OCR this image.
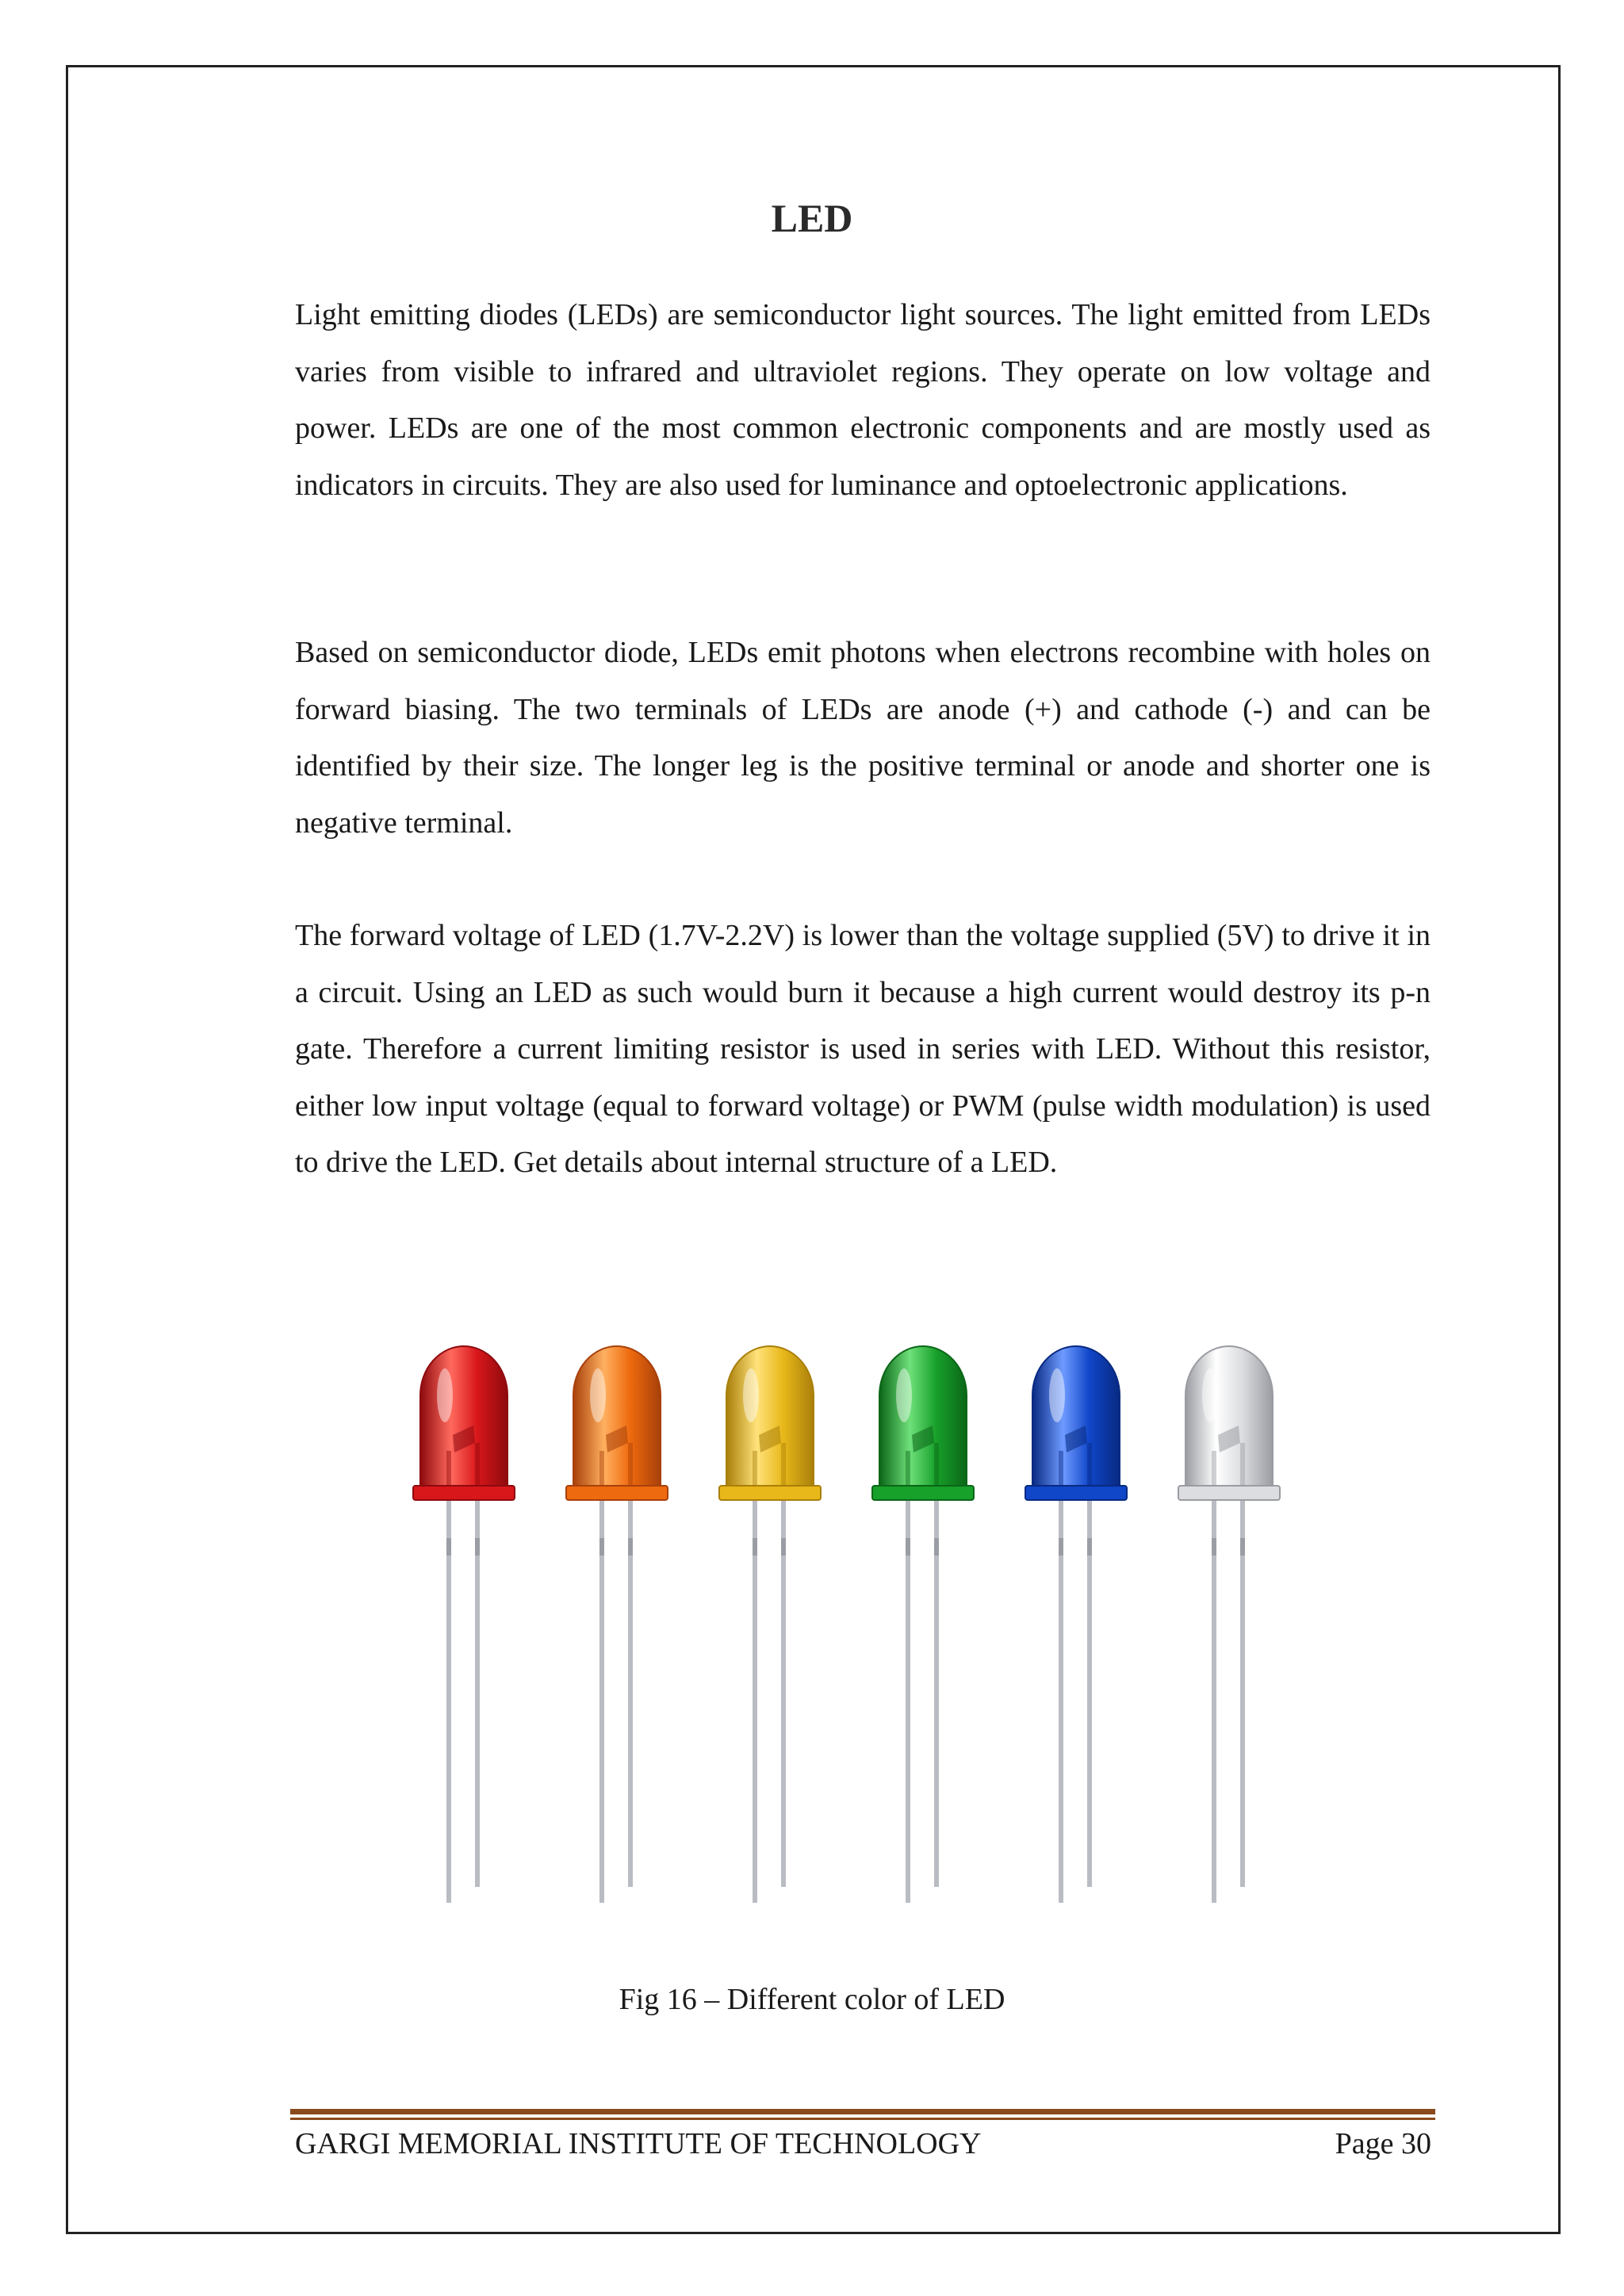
LED
Light emitting diodes (LEDs) are semiconductor light sources. The light emitted from LEDs varies from visible to infrared and ultraviolet regions. They operate on low voltage and power. LEDs are one of the most common electronic components and are mostly used as indicators in circuits. They are also used for luminance and optoelectronic applications.
Based on semiconductor diode, LEDs emit photons when electrons recombine with holes on forward biasing. The two terminals of LEDs are anode (+) and cathode (-) and can be identified by their size. The longer leg is the positive terminal or anode and shorter one is negative terminal.
The forward voltage of LED (1.7V-2.2V) is lower than the voltage supplied (5V) to drive it in a circuit. Using an LED as such would burn it because a high current would destroy its p-n gate. Therefore a current limiting resistor is used in series with LED. Without this resistor, either low input voltage (equal to forward voltage) or PWM (pulse width modulation) is used to drive the LED. Get details about internal structure of a LED.
Fig 16 – Different color of LED
GARGI MEMORIAL INSTITUTE OF TECHNOLOGY	Page 30
